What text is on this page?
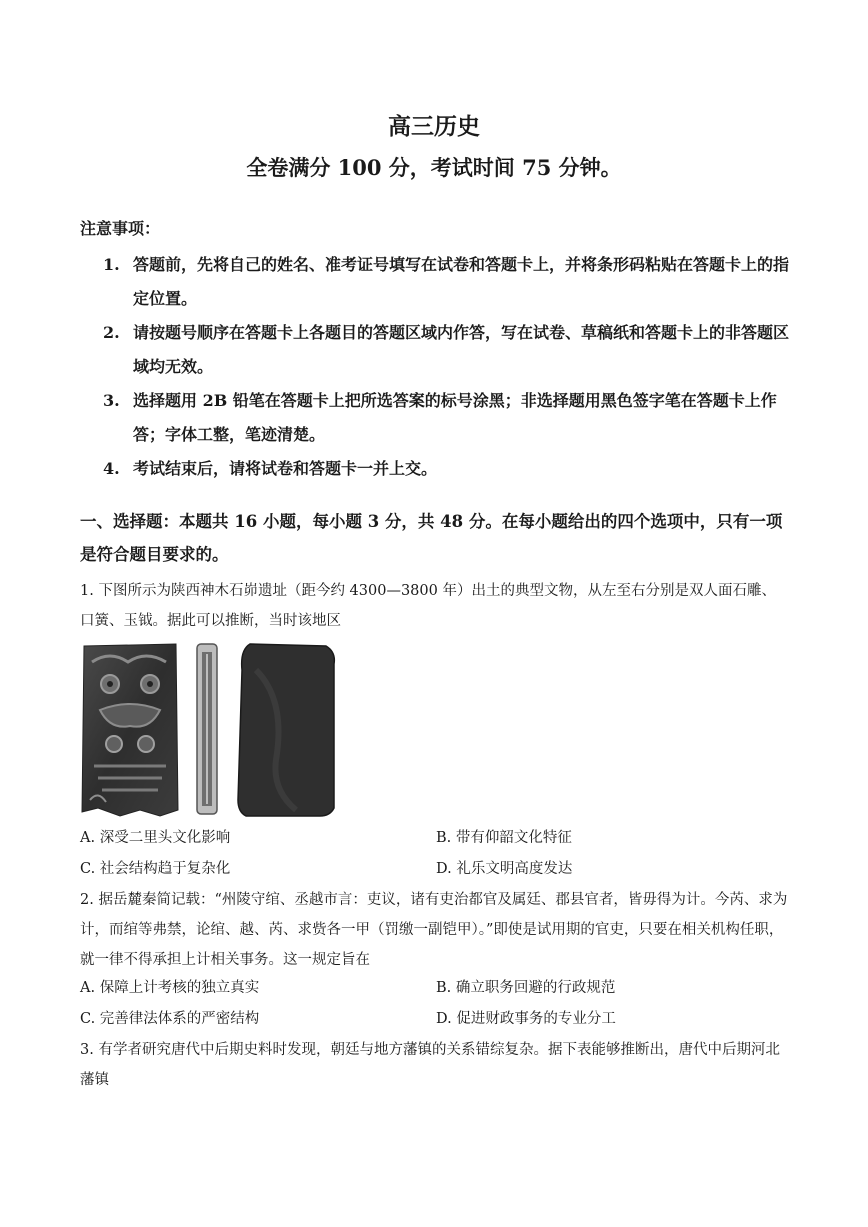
高三历史
全卷满分 100 分，考试时间 75 分钟。
注意事项：
1. 答题前，先将自己的姓名、准考证号填写在试卷和答题卡上，并将条形码粘贴在答题卡上的指定位置。
2. 请按题号顺序在答题卡上各题目的答题区域内作答，写在试卷、草稿纸和答题卡上的非答题区域均无效。
3. 选择题用 2B 铅笔在答题卡上把所选答案的标号涂黑；非选择题用黑色签字笔在答题卡上作答；字体工整，笔迹清楚。
4. 考试结束后，请将试卷和答题卡一并上交。
一、选择题：本题共 16 小题，每小题 3 分，共 48 分。在每小题给出的四个选项中，只有一项是符合题目要求的。
1. 下图所示为陕西神木石峁遗址（距今约 4300—3800 年）出土的典型文物，从左至右分别是双人面石雕、口簧、玉钺。据此可以推断，当时该地区
A. 深受二里头文化影响	B. 带有仰韶文化特征
C. 社会结构趋于复杂化	D. 礼乐文明高度发达
2. 据岳麓秦简记载：“州陵守绾、丞越市言：吏议，诸有吏治都官及属廷、郡县官者，皆毋得为计。今芮、求为计，而绾等弗禁，论绾、越、芮、求赀各一甲（罚缴一副铠甲）。”即使是试用期的官吏，只要在相关机构任职，就一律不得承担上计相关事务。这一规定旨在
A. 保障上计考核的独立真实	B. 确立职务回避的行政规范
C. 完善律法体系的严密结构	D. 促进财政事务的专业分工
3. 有学者研究唐代中后期史料时发现，朝廷与地方藩镇的关系错综复杂。据下表能够推断出，唐代中后期河北藩镇
